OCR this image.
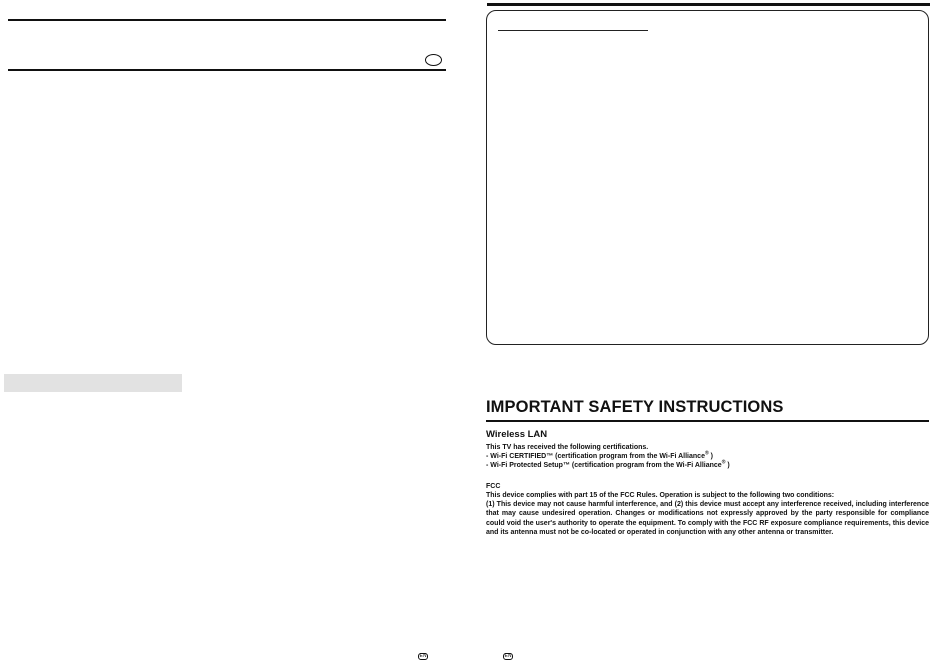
IMPORTANT SAFETY INSTRUCTIONS

Wireless LAN

This TV has received the following certifications.

- Wi-Fi CERTIFIED™ (certification program from the Wi-Fi Alliance® )

- Wi-Fi Protected Setup™ (certification program from the Wi-Fi Alliance® )

FCC

This device complies with part 15 of the FCC Rules. Operation is subject to the following two conditions:

(1) This device may not cause harmful interference, and (2) this device must accept any interference received, including interference that may cause undesired operation. Changes or modifications not expressly approved by the party responsible for compliance could void the user's authority to operate the equipment. To comply with the FCC RF exposure compliance requirements, this device and its antenna must not be co-located or operated in conjunction with any other antenna or transmitter.

EN	EN
